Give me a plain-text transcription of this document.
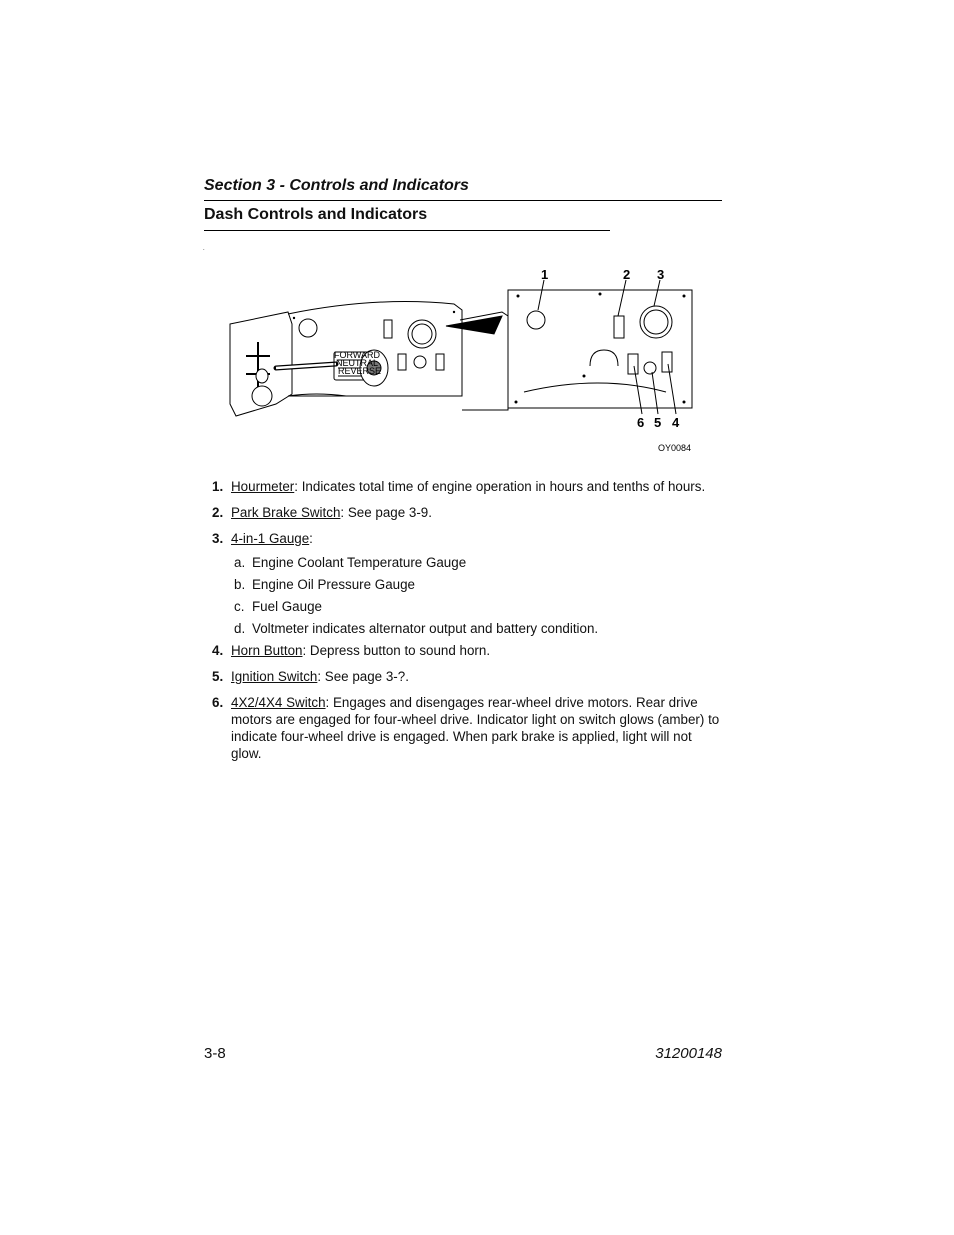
Section 3 - Controls and Indicators
Dash Controls and Indicators
.
FORWARD
NEUTRAL
REVERSE
1	2 3
6 5 4
OY0084
1. Hourmeter: Indicates total time of engine operation in hours and tenths of hours.
2. Park Brake Switch: See page 3-9.
3. 4-in-1 Gauge:
a. Engine Coolant Temperature Gauge
b. Engine Oil Pressure Gauge
c. Fuel Gauge
d. Voltmeter indicates alternator output and battery condition.
4. Horn Button: Depress button to sound horn.
5. Ignition Switch: See page 3-?.
6. 4X2/4X4 Switch: Engages and disengages rear-wheel drive motors. Rear drive motors are engaged for four-wheel drive. Indicator light on switch glows (amber) to indicate four-wheel drive is engaged. When park brake is applied, light will not glow.
3-8	31200148
